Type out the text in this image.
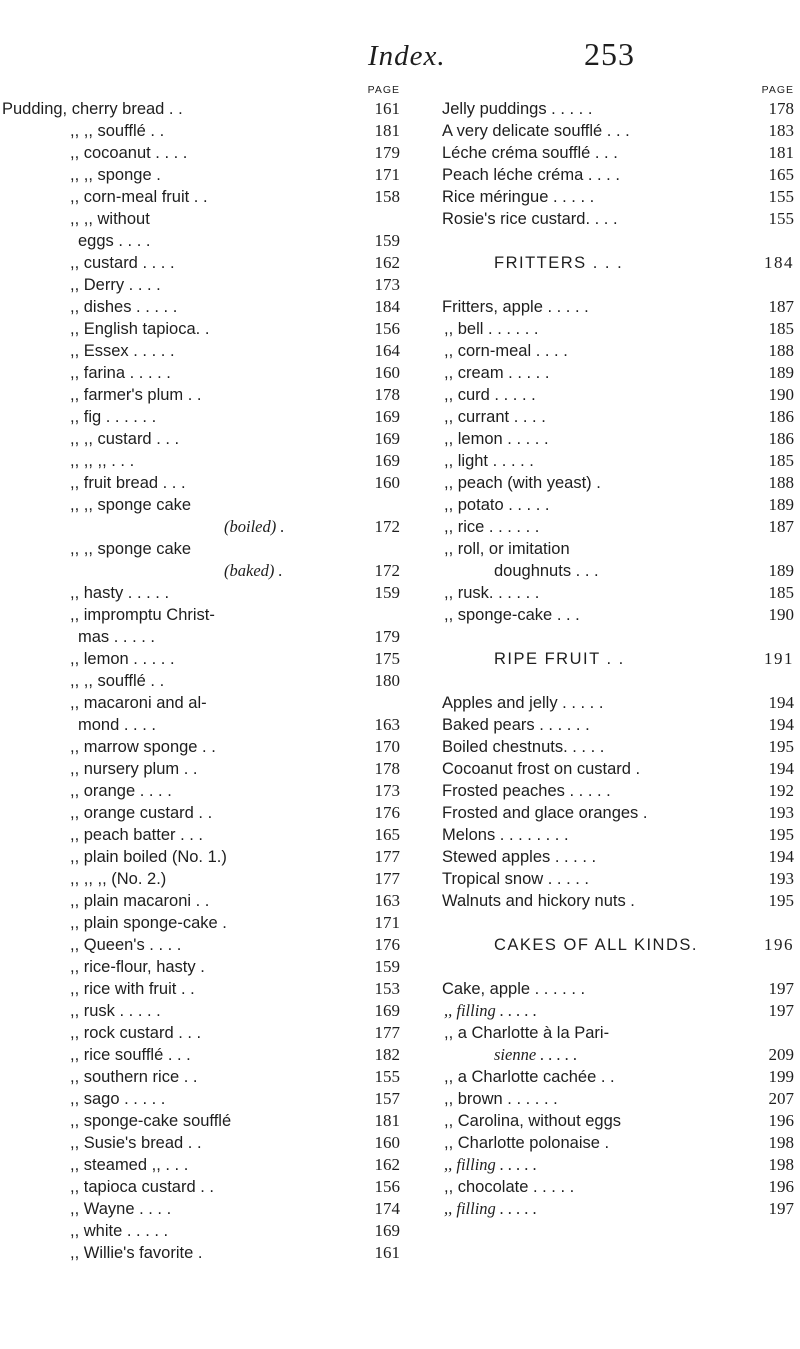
Index.	253
PAGE
Pudding, cherry bread . .	161
,, ,, soufflé . .	181
,, cocoanut . . . .	179
,, ,, sponge .	171
,, corn-meal fruit . .	158
,, ,, without
eggs . . . .	159
,, custard . . . .	162
,, Derry . . . .	173
,, dishes . . . . .	184
,, English tapioca. .	156
,, Essex . . . . .	164
,, farina . . . . .	160
,, farmer's plum . .	178
,, fig . . . . . .	169
,, ,, custard . . .	169
,, ,, ,, . . .	169
,, fruit bread . . .	160
,, ,, sponge cake
(boiled) .	172
,, ,, sponge cake
(baked) .	172
,, hasty . . . . .	159
,, impromptu Christ-
mas . . . . .	179
,, lemon . . . . .	175
,, ,, soufflé . .	180
,, macaroni and al-
mond . . . .	163
,, marrow sponge . .	170
,, nursery plum . .	178
,, orange . . . .	173
,, orange custard . .	176
,, peach batter . . .	165
,, plain boiled (No. 1.)	177
,, ,, ,, (No. 2.)	177
,, plain macaroni . .	163
,, plain sponge-cake .	171
,, Queen's . . . .	176
,, rice-flour, hasty .	159
,, rice with fruit . .	153
,, rusk . . . . .	169
,, rock custard . . .	177
,, rice soufflé . . .	182
,, southern rice . .	155
,, sago . . . . .	157
,, sponge-cake soufflé	181
,, Susie's bread . .	160
,, steamed ,, . . .	162
,, tapioca custard . .	156
,, Wayne . . . .	174
,, white . . . . .	169
,, Willie's favorite .	161
PAGE
Jelly puddings . . . . .	178
A very delicate soufflé . . .	183
Léche créma soufflé . . .	181
Peach léche créma . . . .	165
Rice méringue . . . . .	155
Rosie's rice custard. . . .	155
FRITTERS . . .	184
Fritters, apple . . . . .	187
,, bell . . . . . .	185
,, corn-meal . . . .	188
,, cream . . . . .	189
,, curd . . . . .	190
,, currant . . . .	186
,, lemon . . . . .	186
,, light . . . . .	185
,, peach (with yeast) .	188
,, potato . . . . .	189
,, rice . . . . . .	187
,, roll, or imitation
doughnuts . . .	189
,, rusk. . . . . .	185
,, sponge-cake . . .	190
RIPE FRUIT . .	191
Apples and jelly . . . . .	194
Baked pears . . . . . .	194
Boiled chestnuts. . . . .	195
Cocoanut frost on custard .	194
Frosted peaches . . . . .	192
Frosted and glace oranges .	193
Melons . . . . . . . .	195
Stewed apples . . . . .	194
Tropical snow . . . . .	193
Walnuts and hickory nuts .	195
CAKES OF ALL KINDS.	196
Cake, apple . . . . . .	197
,, filling . . . . .	197
,, a Charlotte à la Pari-
sienne . . . . .	209
,, a Charlotte cachée . .	199
,, brown . . . . . .	207
,, Carolina, without eggs	196
,, Charlotte polonaise .	198
,, filling . . . . .	198
,, chocolate . . . . .	196
,, filling . . . . .	197
